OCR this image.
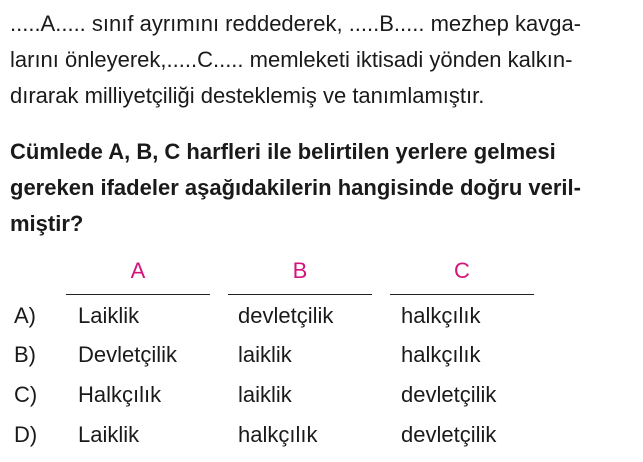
.....A..... sınıf ayrımını reddederek, .....B..... mezhep kavga-
larını önleyerek,.....C..... memleketi iktisadi yönden kalkın-
dırarak milliyetçiliği desteklemiş ve tanımlamıştır.
Cümlede A, B, C harfleri ile belirtilen yerlere gelmesi
gereken ifadeler aşağıdakilerin hangisinde doğru veril-
miştir?
A	B	C
A) Laiklik	devletçilik	halkçılık
B) Devletçilik	laiklik	halkçılık
C) Halkçılık	laiklik	devletçilik
D) Laiklik	halkçılık	devletçilik
